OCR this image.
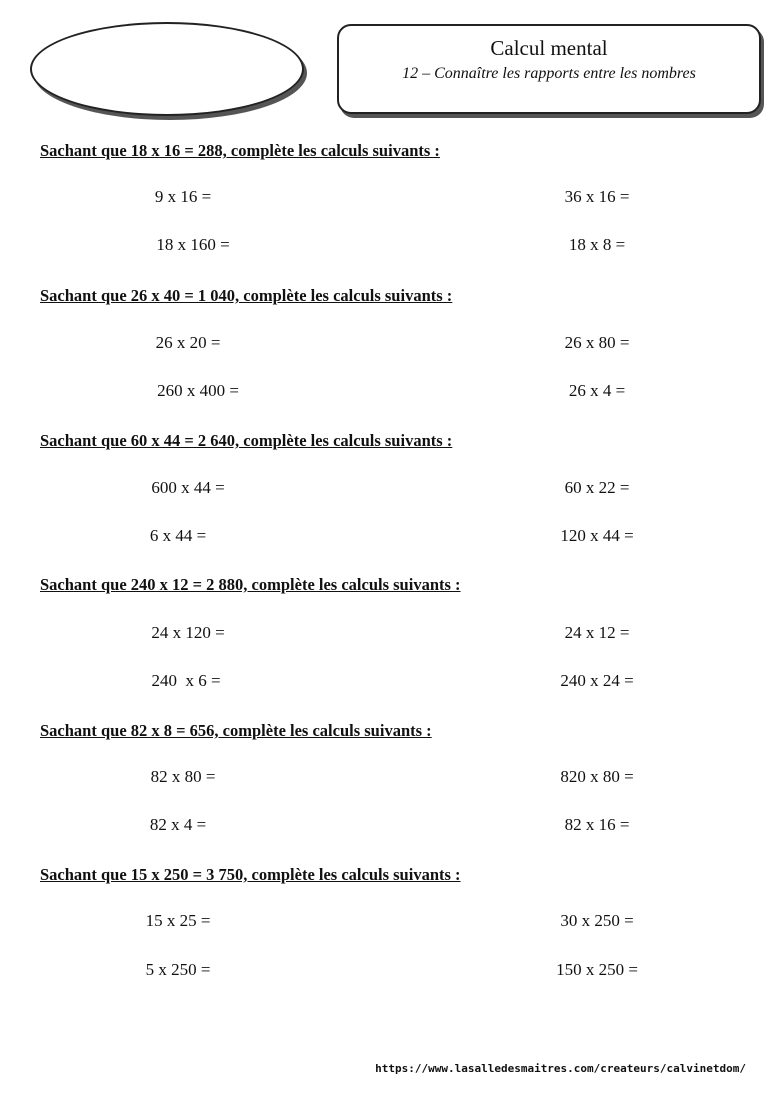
Calcul mental
12 – Connaître les rapports entre les nombres
Sachant que 18 x 16 = 288, complète les calculs suivants :
9 x 16 =	36 x 16 =
18 x 160 =	18 x 8 =
Sachant que 26 x 40 = 1 040, complète les calculs suivants :
26 x 20 =	26 x 80 =
260 x 400 =	26 x 4 =
Sachant que 60 x 44 = 2 640, complète les calculs suivants :
600 x 44 =	60 x 22 =
6 x 44 =	120 x 44 =
Sachant que 240 x 12 = 2 880, complète les calculs suivants :
24 x 120 =	24 x 12 =
240  x 6 =	240 x 24 =
Sachant que 82 x 8 = 656, complète les calculs suivants :
82 x 80 =	820 x 80 =
82 x 4 =	82 x 16 =
Sachant que 15 x 250 = 3 750, complète les calculs suivants :
15 x 25 =	30 x 250 =
5 x 250 =	150 x 250 =
https://www.lasalledesmaitres.com/createurs/calvinetdom/
